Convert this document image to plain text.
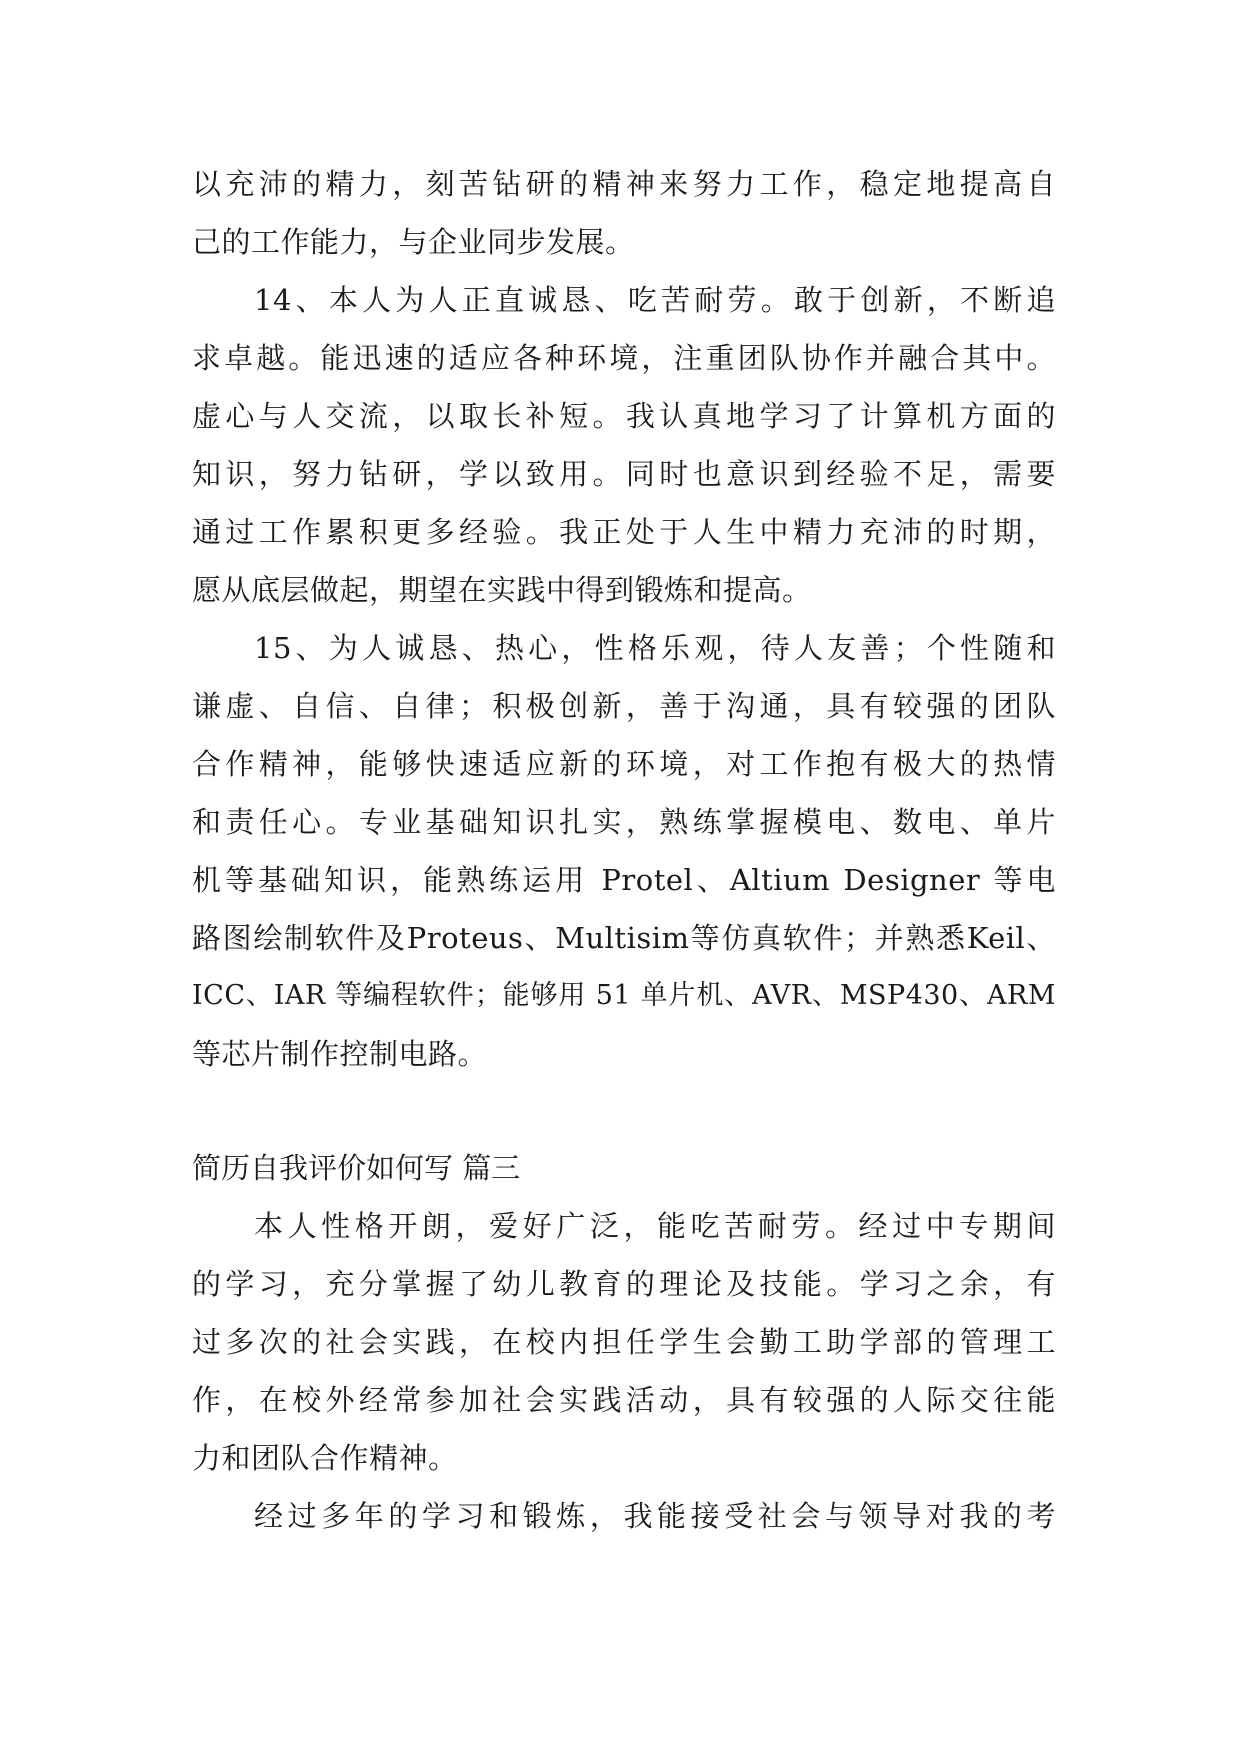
以充沛的精力，刻苦钻研的精神来努力工作，稳定地提高自
己的工作能力，与企业同步发展。
14、本人为人正直诚恳、吃苦耐劳。敢于创新，不断追
求卓越。能迅速的适应各种环境，注重团队协作并融合其中。
虚心与人交流，以取长补短。我认真地学习了计算机方面的
知识，努力钻研，学以致用。同时也意识到经验不足，需要
通过工作累积更多经验。我正处于人生中精力充沛的时期，
愿从底层做起，期望在实践中得到锻炼和提高。
15、为人诚恳、热心，性格乐观，待人友善；个性随和
谦虚、自信、自律；积极创新，善于沟通，具有较强的团队
合作精神，能够快速适应新的环境，对工作抱有极大的热情
和责任心。专业基础知识扎实，熟练掌握模电、数电、单片
机等基础知识，能熟练运用 Protel、Altium Designer 等电
路图绘制软件及Proteus、Multisim等仿真软件；并熟悉Keil、
ICC、IAR 等编程软件；能够用 51 单片机、AVR、MSP430、ARM
等芯片制作控制电路。
简历自我评价如何写 篇三
本人性格开朗，爱好广泛，能吃苦耐劳。经过中专期间
的学习，充分掌握了幼儿教育的理论及技能。学习之余，有
过多次的社会实践，在校内担任学生会勤工助学部的管理工
作，在校外经常参加社会实践活动，具有较强的人际交往能
力和团队合作精神。
经过多年的学习和锻炼，我能接受社会与领导对我的考
